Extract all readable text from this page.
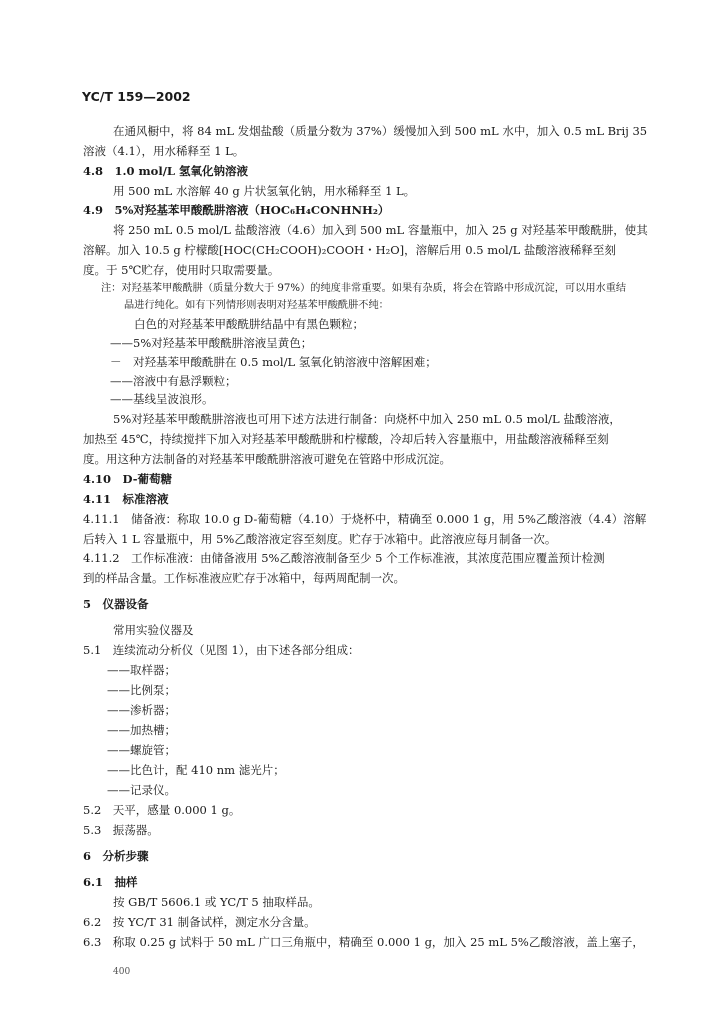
YC/T 159—2002
在通风橱中，将 84 mL 发烟盐酸（质量分数为 37%）缓慢加入到 500 mL 水中，加入 0.5 mL Brij 35
溶液（4.1），用水稀释至 1 L。
4.8　1.0 mol/L 氢氧化钠溶液
用 500 mL 水溶解 40 g 片状氢氧化钠，用水稀释至 1 L。
4.9　5%对羟基苯甲酸酰肼溶液（HOC₆H₄CONHNH₂）
将 250 mL 0.5 mol/L 盐酸溶液（4.6）加入到 500 mL 容量瓶中，加入 25 g 对羟基苯甲酸酰肼，使其
溶解。加入 10.5 g 柠檬酸[HOC(CH₂COOH)₂COOH・H₂O]，溶解后用 0.5 mol/L 盐酸溶液稀释至刻
度。于 5℃贮存，使用时只取需要量。
注：对羟基苯甲酸酰肼（质量分数大于 97%）的纯度非常重要。如果有杂质，将会在管路中形成沉淀，可以用水重结
晶进行纯化。如有下列情形则表明对羟基苯甲酸酰肼不纯：
白色的对羟基苯甲酸酰肼结晶中有黑色颗粒；
——5%对羟基苯甲酸酰肼溶液呈黄色；
－　对羟基苯甲酸酰肼在 0.5 mol/L 氢氧化钠溶液中溶解困难；
——溶液中有悬浮颗粒；
——基线呈波浪形。
5%对羟基苯甲酸酰肼溶液也可用下述方法进行制备：向烧杯中加入 250 mL 0.5 mol/L 盐酸溶液，
加热至 45℃，持续搅拌下加入对羟基苯甲酸酰肼和柠檬酸，冷却后转入容量瓶中，用盐酸溶液稀释至刻
度。用这种方法制备的对羟基苯甲酸酰肼溶液可避免在管路中形成沉淀。
4.10　D-葡萄糖
4.11　标准溶液
4.11.1　储备液：称取 10.0 g D-葡萄糖（4.10）于烧杯中，精确至 0.000 1 g，用 5%乙酸溶液（4.4）溶解
后转入 1 L 容量瓶中，用 5%乙酸溶液定容至刻度。贮存于冰箱中。此溶液应每月制备一次。
4.11.2　工作标准液：由储备液用 5%乙酸溶液制备至少 5 个工作标准液，其浓度范围应覆盖预计检测
到的样品含量。工作标准液应贮存于冰箱中，每两周配制一次。
5　仪器设备
常用实验仪器及
5.1　连续流动分析仪（见图 1），由下述各部分组成：
——取样器；
——比例泵；
——渗析器；
——加热槽；
——螺旋管；
——比色计，配 410 nm 滤光片；
——记录仪。
5.2　天平，感量 0.000 1 g。
5.3　振荡器。
6　分析步骤
6.1　抽样
按 GB/T 5606.1 或 YC/T 5 抽取样品。
6.2　按 YC/T 31 制备试样，测定水分含量。
6.3　称取 0.25 g 试料于 50 mL 广口三角瓶中，精确至 0.000 1 g，加入 25 mL 5%乙酸溶液，盖上塞子，
400
